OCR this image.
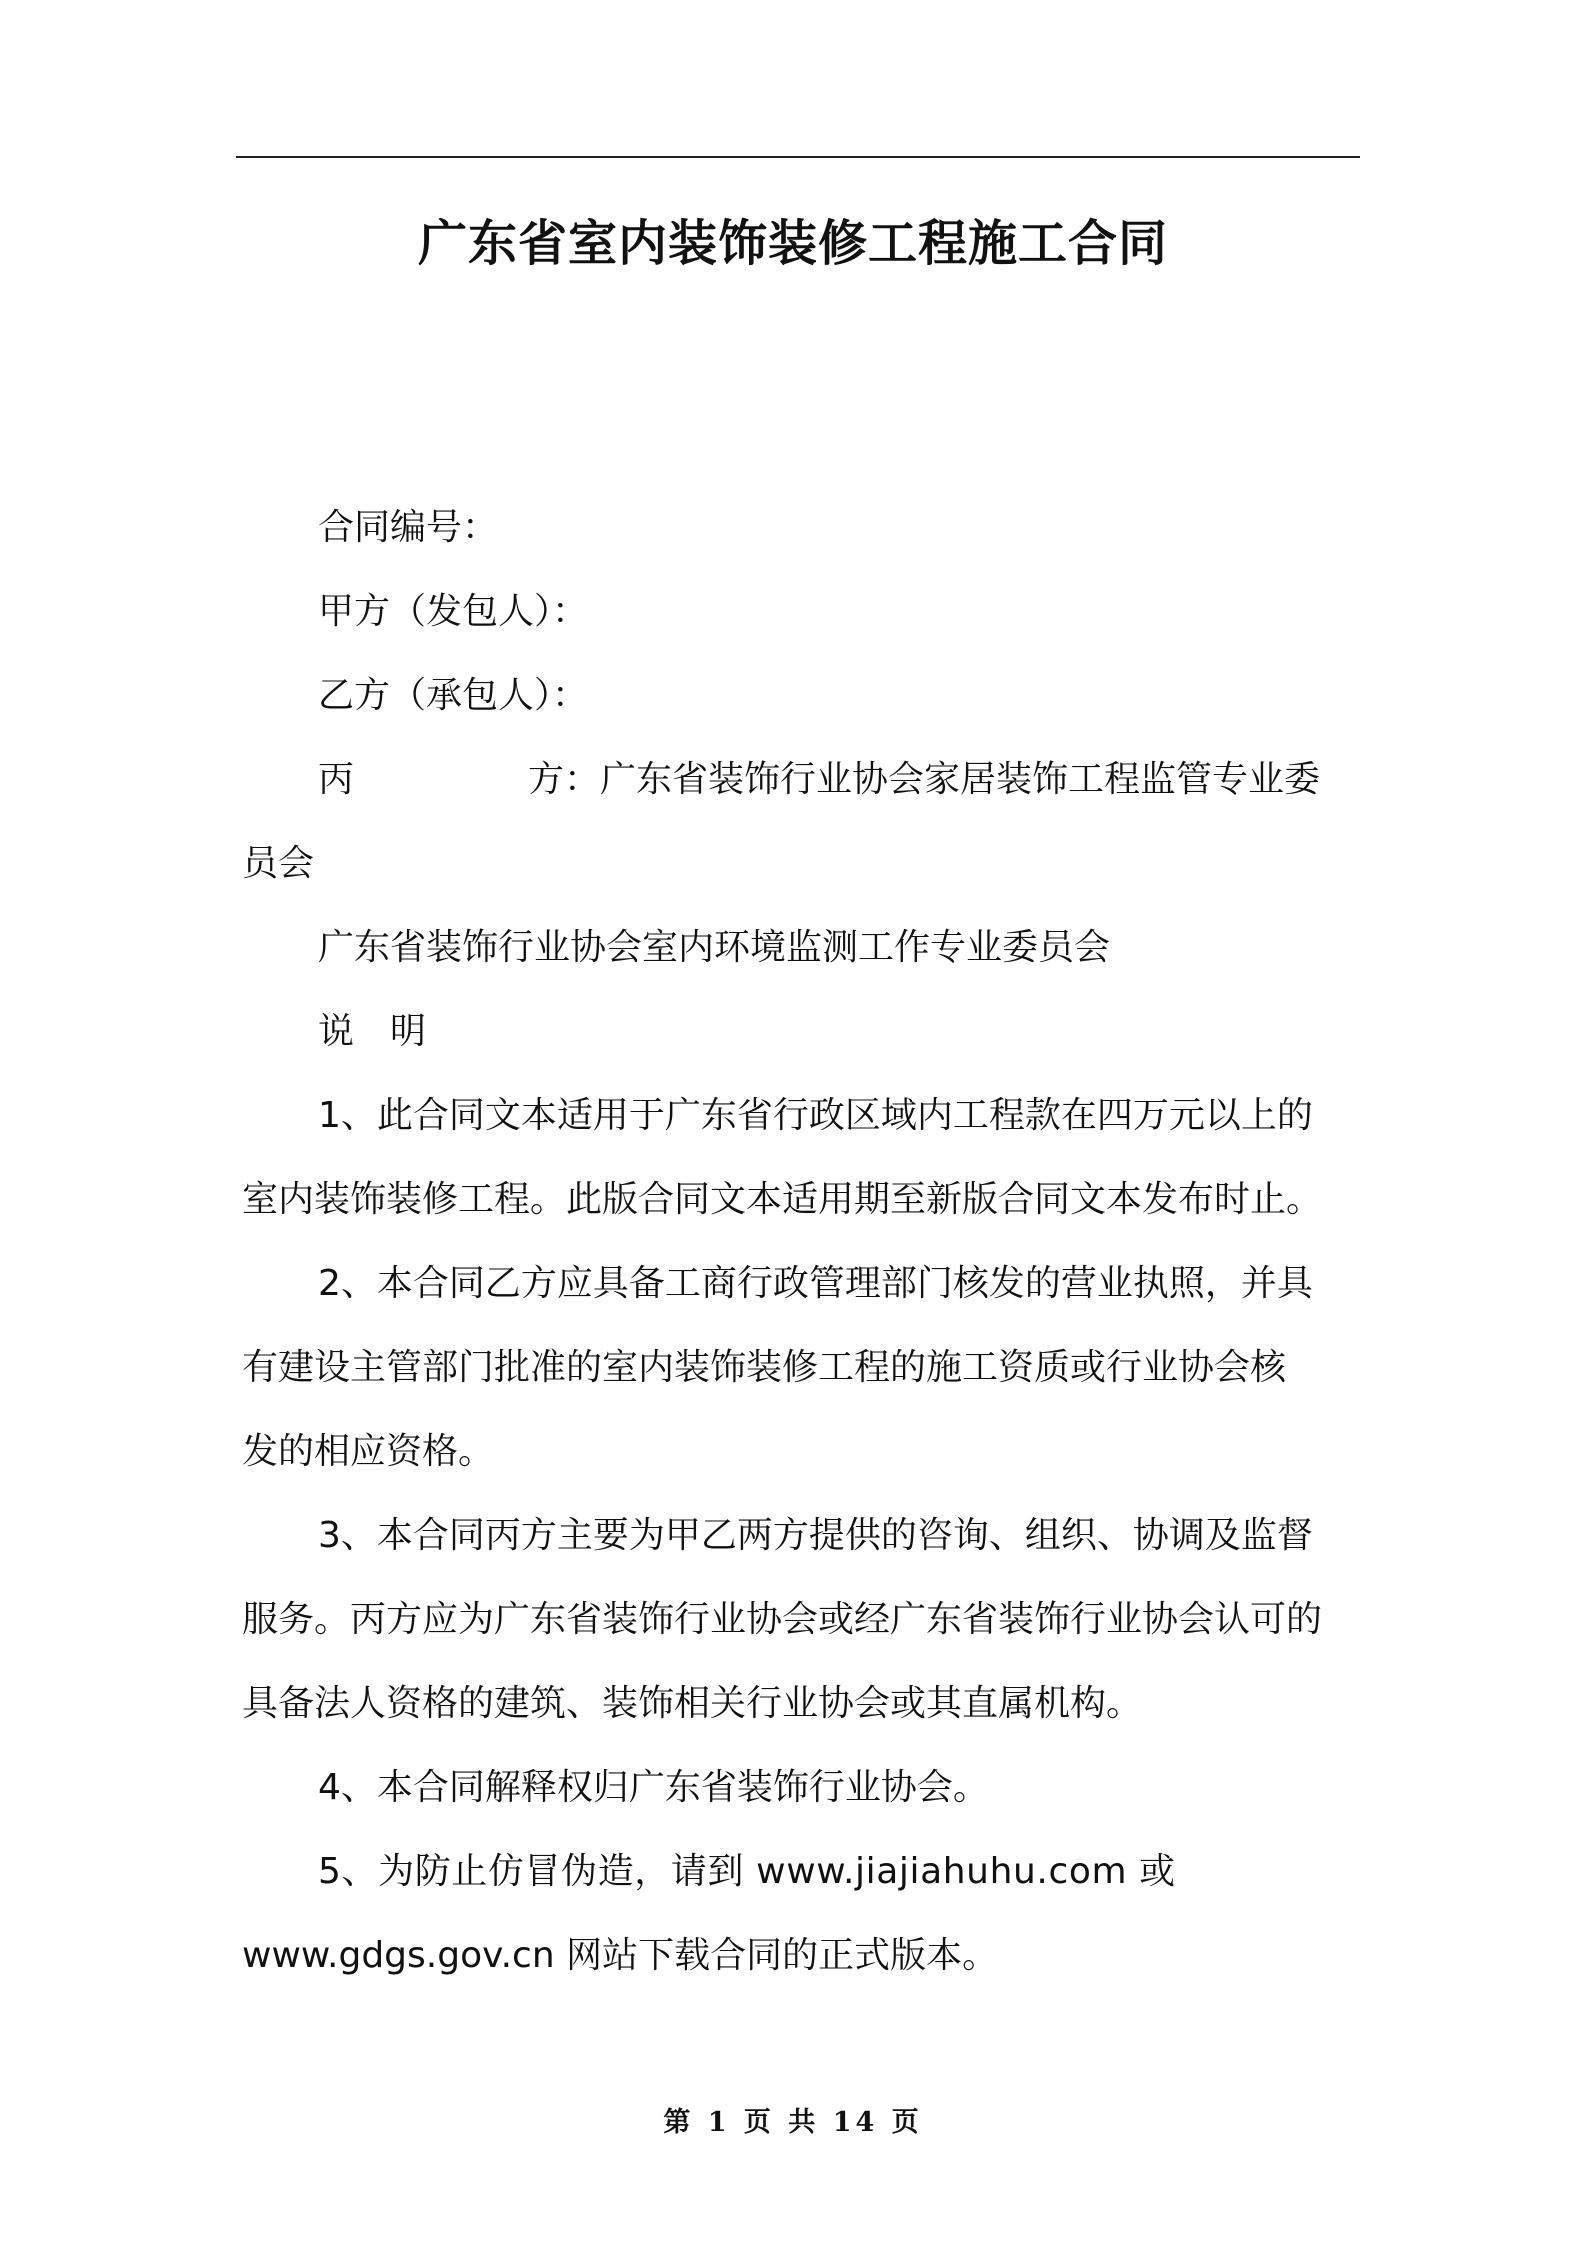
广东省室内装饰装修工程施工合同
合同编号：
甲方（发包人）：
乙方（承包人）：
丙	方：广东省装饰行业协会家居装饰工程监管专业委
员会
广东省装饰行业协会室内环境监测工作专业委员会
说　明
1、此合同文本适用于广东省行政区域内工程款在四万元以上的
室内装饰装修工程。此版合同文本适用期至新版合同文本发布时止。
2、本合同乙方应具备工商行政管理部门核发的营业执照，并具
有建设主管部门批准的室内装饰装修工程的施工资质或行业协会核
发的相应资格。
3、本合同丙方主要为甲乙两方提供的咨询、组织、协调及监督
服务。丙方应为广东省装饰行业协会或经广东省装饰行业协会认可的
具备法人资格的建筑、装饰相关行业协会或其直属机构。
4、本合同解释权归广东省装饰行业协会。
5、为防止仿冒伪造，请到 www.jiajiahuhu.com 或
www.gdgs.gov.cn 网站下载合同的正式版本。
第 1 页 共 14 页
